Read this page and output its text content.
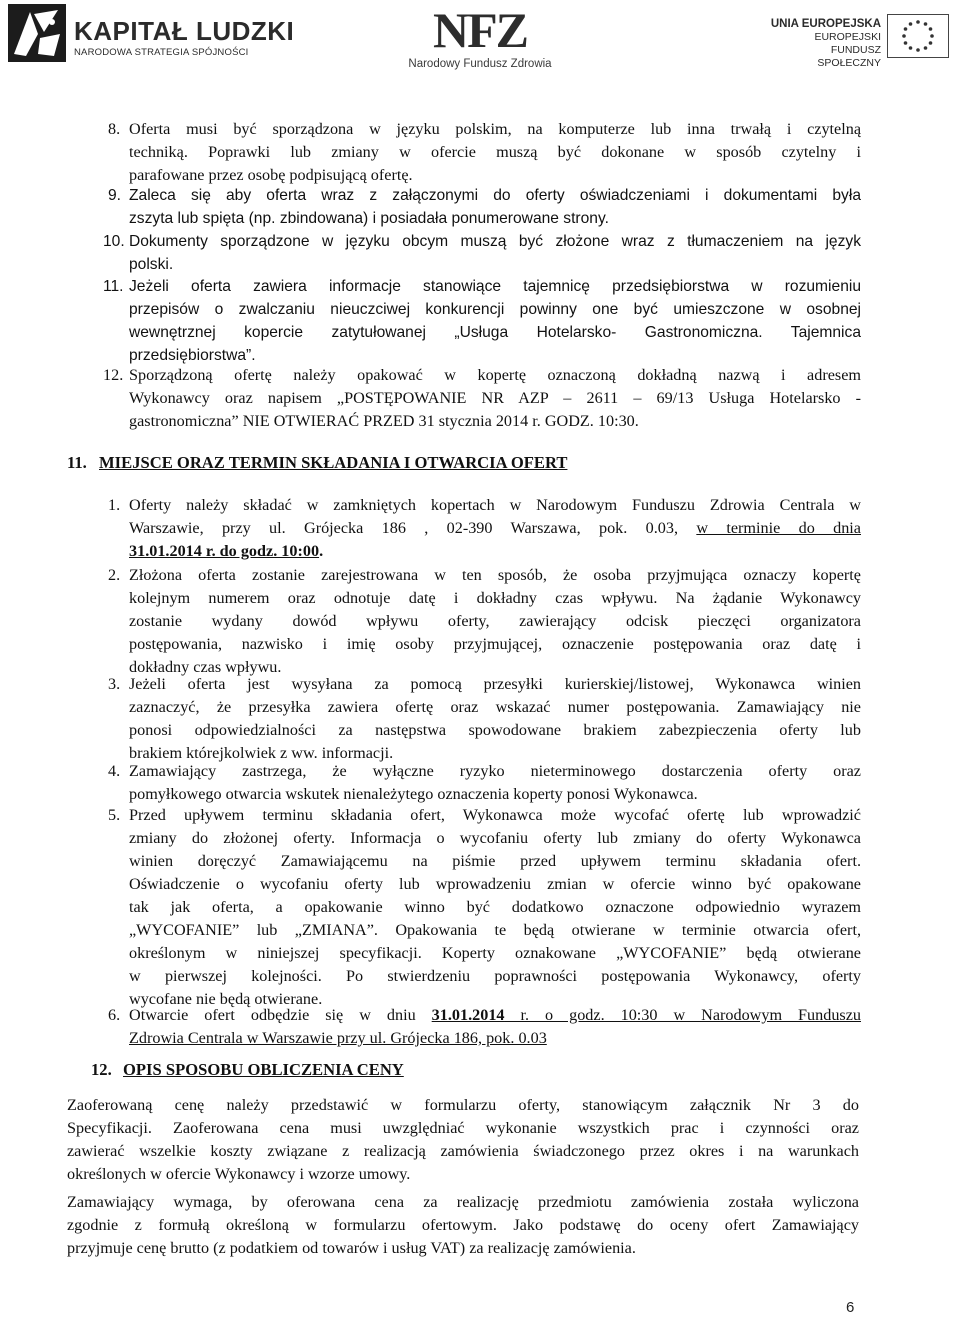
KAPITAŁ LUDZKI
NARODOWA STRATEGIA SPÓJNOŚCI	NFZ
Narodowy Fundusz Zdrowia
UNIA EUROPEJSKA
EUROPEJSKI
FUNDUSZ SPOŁECZNY
8. Oferta musi być sporządzona w języku polskim, na komputerze lub inna trwałą i czytelną
techniką. Poprawki lub zmiany w ofercie muszą być dokonane w sposób czytelny i
parafowane przez osobę podpisującą ofertę.
9. Zaleca się aby oferta wraz z załączonymi do oferty oświadczeniami i dokumentami była
zszyta lub spięta (np. zbindowana) i posiadała ponumerowane strony.
10. Dokumenty sporządzone w języku obcym muszą być złożone wraz z tłumaczeniem na język
polski.
11. Jeżeli oferta zawiera informacje stanowiące tajemnicę przedsiębiorstwa w rozumieniu
przepisów o zwalczaniu nieuczciwej konkurencji powinny one być umieszczone w osobnej
wewnętrznej kopercie zatytułowanej „Usługa Hotelarsko- Gastronomiczna. Tajemnica
przedsiębiorstwa”.
12. Sporządzoną ofertę należy opakować w kopertę oznaczoną dokładną nazwą i adresem
Wykonawcy oraz napisem „POSTĘPOWANIE NR AZP – 2611 – 69/13 Usługa Hotelarsko -
gastronomiczna” NIE OTWIERAĆ PRZED 31 stycznia 2014 r. GODZ. 10:30.
11. MIEJSCE ORAZ TERMIN SKŁADANIA I OTWARCIA OFERT
1. Oferty należy składać w zamkniętych kopertach w Narodowym Funduszu Zdrowia Centrala w
Warszawie, przy ul. Grójecka 186 , 02-390 Warszawa, pok. 0.03, w terminie do dnia
31.01.2014 r. do godz. 10:00.
2. Złożona oferta zostanie zarejestrowana w ten sposób, że osoba przyjmująca oznaczy kopertę
kolejnym numerem oraz odnotuje datę i dokładny czas wpływu. Na żądanie Wykonawcy
zostanie wydany dowód wpływu oferty, zawierający odcisk pieczęci organizatora
postępowania, nazwisko i imię osoby przyjmującej, oznaczenie postępowania oraz datę i
dokładny czas wpływu.
3. Jeżeli oferta jest wysyłana za pomocą przesyłki kurierskiej/listowej, Wykonawca winien
zaznaczyć, że przesyłka zawiera ofertę oraz wskazać numer postępowania. Zamawiający nie
ponosi odpowiedzialności za następstwa spowodowane brakiem zabezpieczenia oferty lub
brakiem którejkolwiek z ww. informacji.
4. Zamawiający zastrzega, że wyłączne ryzyko nieterminowego dostarczenia oferty oraz
pomyłkowego otwarcia wskutek nienależytego oznaczenia koperty ponosi Wykonawca.
5. Przed upływem terminu składania ofert, Wykonawca może wycofać ofertę lub wprowadzić
zmiany do złożonej oferty. Informacja o wycofaniu oferty lub zmiany do oferty Wykonawca
winien doręczyć Zamawiającemu na piśmie przed upływem terminu składania ofert.
Oświadczenie o wycofaniu oferty lub wprowadzeniu zmian w ofercie winno być opakowane
tak jak oferta, a opakowanie winno być dodatkowo oznaczone odpowiednio wyrazem
„WYCOFANIE” lub „ZMIANA”. Opakowania te będą otwierane w terminie otwarcia ofert,
określonym w niniejszej specyfikacji. Koperty oznakowane „WYCOFANIE” będą otwierane
w pierwszej kolejności. Po stwierdzeniu poprawności postępowania Wykonawcy, oferty
wycofane nie będą otwierane.
6. Otwarcie ofert odbędzie się w dniu 31.01.2014 r. o godz. 10:30 w Narodowym Funduszu
Zdrowia Centrala w Warszawie przy ul. Grójecka 186, pok. 0.03
12. OPIS SPOSOBU OBLICZENIA CENY
Zaoferowaną cenę należy przedstawić w formularzu oferty, stanowiącym załącznik Nr 3 do
Specyfikacji. Zaoferowana cena musi uwzględniać wykonanie wszystkich prac i czynności oraz
zawierać wszelkie koszty związane z realizacją zamówienia świadczonego przez okres i na warunkach
określonych w ofercie Wykonawcy i wzorze umowy.
Zamawiający wymaga, by oferowana cena za realizację przedmiotu zamówienia została wyliczona
zgodnie z formułą określoną w formularzu ofertowym. Jako podstawę do oceny ofert Zamawiający
przyjmuje cenę brutto (z podatkiem od towarów i usług VAT) za realizację zamówienia.
6
